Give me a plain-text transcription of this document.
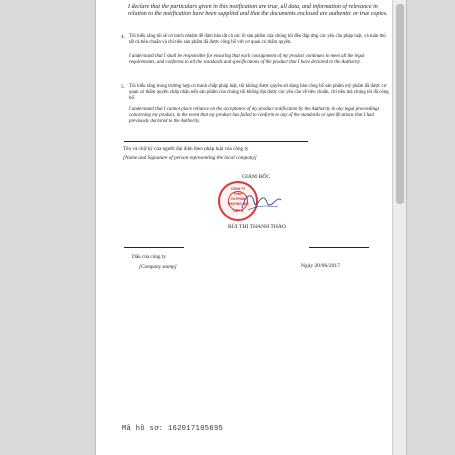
I declare that the particulars given in this notification are true, all data, and information of relevance in relation to the notification have been supplied and that the documents enclosed are authentic or true copies.

4. Tôi hiểu rằng tôi sẽ có trách nhiệm để đảm bảo tất cả các lô sản phẩm của chúng tôi đều đáp ứng các yêu cầu pháp luật, và tuân thủ tất cả tiêu chuẩn và chỉ tiêu sản phẩm đã được công bố với cơ quan có thẩm quyền.

I understand that I shall be responsible for ensuring that each consignment of my product continues to meet all the legal requirements, and conforms to all the standards and specifications of the product that I have declared to the Authority.

5. Tôi hiểu rằng trong trường hợp có tranh chấp pháp luật, tôi không được quyền sử dụng bản công bố sản phẩm mỹ phẩm đã được cơ quan có thẩm quyền chấp nhận nếu sản phẩm của chúng tôi không đạt được các yêu cầu về tiêu chuẩn, chỉ tiêu mà chúng tôi đã công bố.

I understand that I cannot place reliance on the acceptance of my product notification by the Authority in any legal proceedings concerning my product, in the event that my product has failed to conform to any of the standards or specifications that I had previously declared to the Authority.

Tên và chữ ký của người đại diện theo pháp luật của công ty

[Name and Signature of person representing the local company]

GIÁM ĐỐC

CÔNG TY
TNHH
CỔ PHẦN
THƯƠNG MẠI
VIỆT N

BÙI THỊ THANH THẢO

Dấu của công ty

[Company stamp]	Ngày 20/06/2017

Mã hồ sơ: 162017105695
